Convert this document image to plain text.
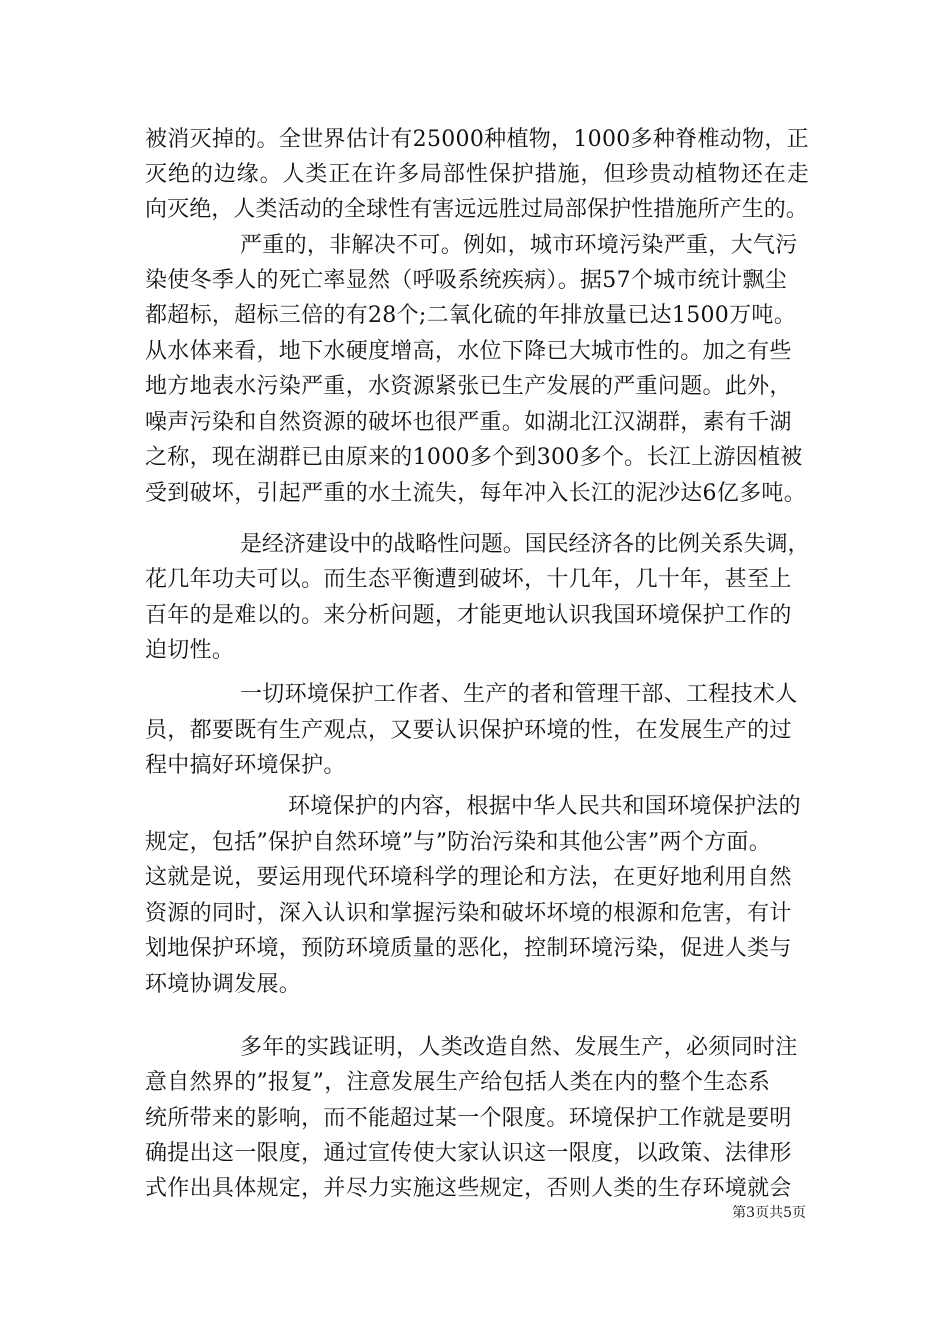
被消灭掉的。全世界估计有25000种植物，1000多种脊椎动物，正
灭绝的边缘。人类正在许多局部性保护措施，但珍贵动植物还在走
向灭绝，人类活动的全球性有害远远胜过局部保护性措施所产生的。
严重的，非解决不可。例如，城市环境污染严重，大气污
染使冬季人的死亡率显然（呼吸系统疾病）。据57个城市统计飘尘
都超标，超标三倍的有28个;二氧化硫的年排放量已达1500万吨。
从水体来看，地下水硬度增高，水位下降已大城市性的。加之有些
地方地表水污染严重，水资源紧张已生产发展的严重问题。此外，
噪声污染和自然资源的破坏也很严重。如湖北江汉湖群，素有千湖
之称，现在湖群已由原来的1000多个到300多个。长江上游因植被
受到破坏，引起严重的水土流失，每年冲入长江的泥沙达6亿多吨。
是经济建设中的战略性问题。国民经济各的比例关系失调，
花几年功夫可以。而生态平衡遭到破坏，十几年，几十年，甚至上
百年的是难以的。来分析问题，才能更地认识我国环境保护工作的
迫切性。
一切环境保护工作者、生产的者和管理干部、工程技术人
员，都要既有生产观点，又要认识保护环境的性，在发展生产的过
程中搞好环境保护。
环境保护的内容，根据中华人民共和国环境保护法的
规定，包括”保护自然环境”与”防治污染和其他公害”两个方面。
这就是说，要运用现代环境科学的理论和方法，在更好地利用自然
资源的同时，深入认识和掌握污染和破坏坏境的根源和危害，有计
划地保护环境，预防环境质量的恶化，控制环境污染，促进人类与
环境协调发展。
多年的实践证明，人类改造自然、发展生产，必须同时注
意自然界的”报复”，注意发展生产给包括人类在内的整个生态系
统所带来的影响，而不能超过某一个限度。环境保护工作就是要明
确提出这一限度，通过宣传使大家认识这一限度，以政策、法律形
式作出具体规定，并尽力实施这些规定，否则人类的生存环境就会
第3页共5页
